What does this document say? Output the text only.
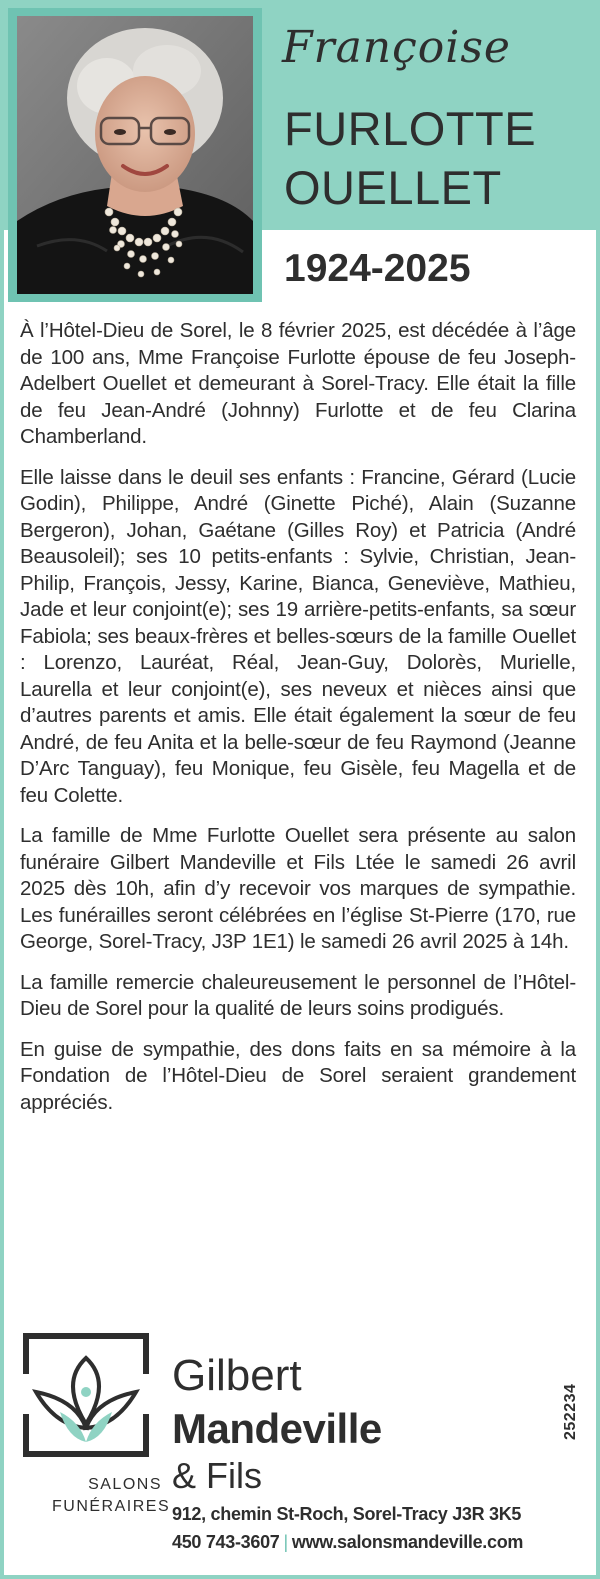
Françoise
FURLOTTE
OUELLET
1924-2025

À l’Hôtel-Dieu de Sorel, le 8 février 2025, est décédée à l’âge de 100 ans, Mme Françoise Furlotte épouse de feu Joseph-Adelbert Ouellet et demeurant à Sorel-Tracy. Elle était la fille de feu Jean-André (Johnny) Furlotte et de feu Clarina Chamberland.

Elle laisse dans le deuil ses enfants : Francine, Gérard (Lucie Godin), Philippe, André (Ginette Piché), Alain (Suzanne Bergeron), Johan, Gaétane (Gilles Roy) et Patricia (André Beausoleil); ses 10 petits-enfants : Sylvie, Christian, Jean-Philip, François, Jessy, Karine, Bianca, Geneviève, Mathieu, Jade et leur conjoint(e); ses 19 arrière-petits-enfants, sa sœur Fabiola; ses beaux-frères et belles-sœurs de la famille Ouellet : Lorenzo, Lauréat, Réal, Jean-Guy, Dolorès, Murielle, Laurella et leur conjoint(e), ses neveux et nièces ainsi que d’autres parents et amis. Elle était également la sœur de feu André, de feu Anita et la belle-sœur de feu Raymond (Jeanne D’Arc Tanguay), feu Monique, feu Gisèle, feu Magella et de feu Colette.

La famille de Mme Furlotte Ouellet sera présente au salon funéraire Gilbert Mandeville et Fils Ltée le samedi 26 avril 2025 dès 10h, afin d’y recevoir vos marques de sympathie. Les funérailles seront célébrées en l’église St-Pierre (170, rue George, Sorel-Tracy, J3P 1E1) le samedi 26 avril 2025 à 14h.

La famille remercie chaleureusement le personnel de l’Hôtel-Dieu de Sorel pour la qualité de leurs soins prodigués.

En guise de sympathie, des dons faits en sa mémoire à la Fondation de l’Hôtel-Dieu de Sorel seraient grandement appréciés.

Gilbert
Mandeville
& Fils
SALONS
FUNÉRAIRES 912, chemin St-Roch, Sorel-Tracy J3R 3K5
450 743-3607 | www.salonsmandeville.com
252234
